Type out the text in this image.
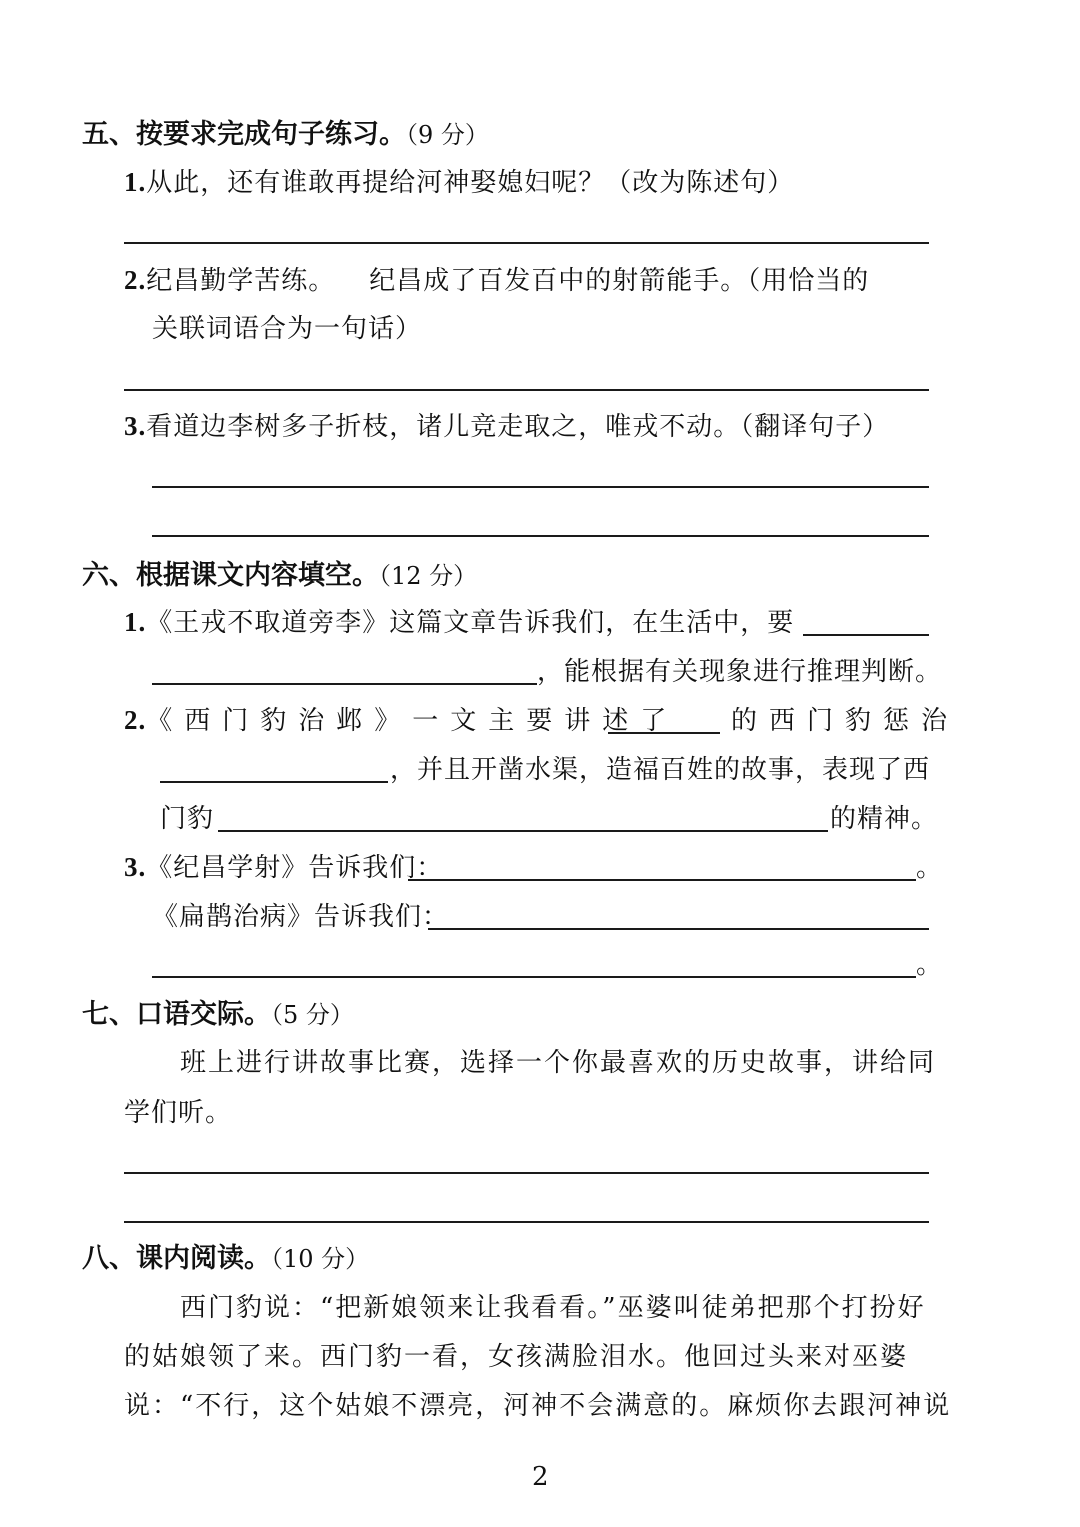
五、按要求完成句子练习。（9 分）
1.从此，还有谁敢再提给河神娶媳妇呢？（改为陈述句）
2.纪昌勤学苦练。 纪昌成了百发百中的射箭能手。（用恰当的
关联词语合为一句话）
3.看道边李树多子折枝，诸儿竞走取之，唯戎不动。（翻译句子）
六、根据课文内容填空。（12 分）
1.《王戎不取道旁李》这篇文章告诉我们，在生活中，要
，能根据有关现象进行推理判断。
2.《西门豹治邺》一文主要讲述了 的西门豹惩治
，并且开凿水渠，造福百姓的故事，表现了西
门豹	的精神。
3.《纪昌学射》告诉我们：	。
《扁鹊治病》告诉我们：
。
七、口语交际。（5 分）
班上进行讲故事比赛，选择一个你最喜欢的历史故事，讲给同
学们听。
八、课内阅读。（10 分）
西门豹说：“把新娘领来让我看看。”巫婆叫徒弟把那个打扮好
的姑娘领了来。西门豹一看，女孩满脸泪水。他回过头来对巫婆
说：“不行，这个姑娘不漂亮，河神不会满意的。麻烦你去跟河神说
2
